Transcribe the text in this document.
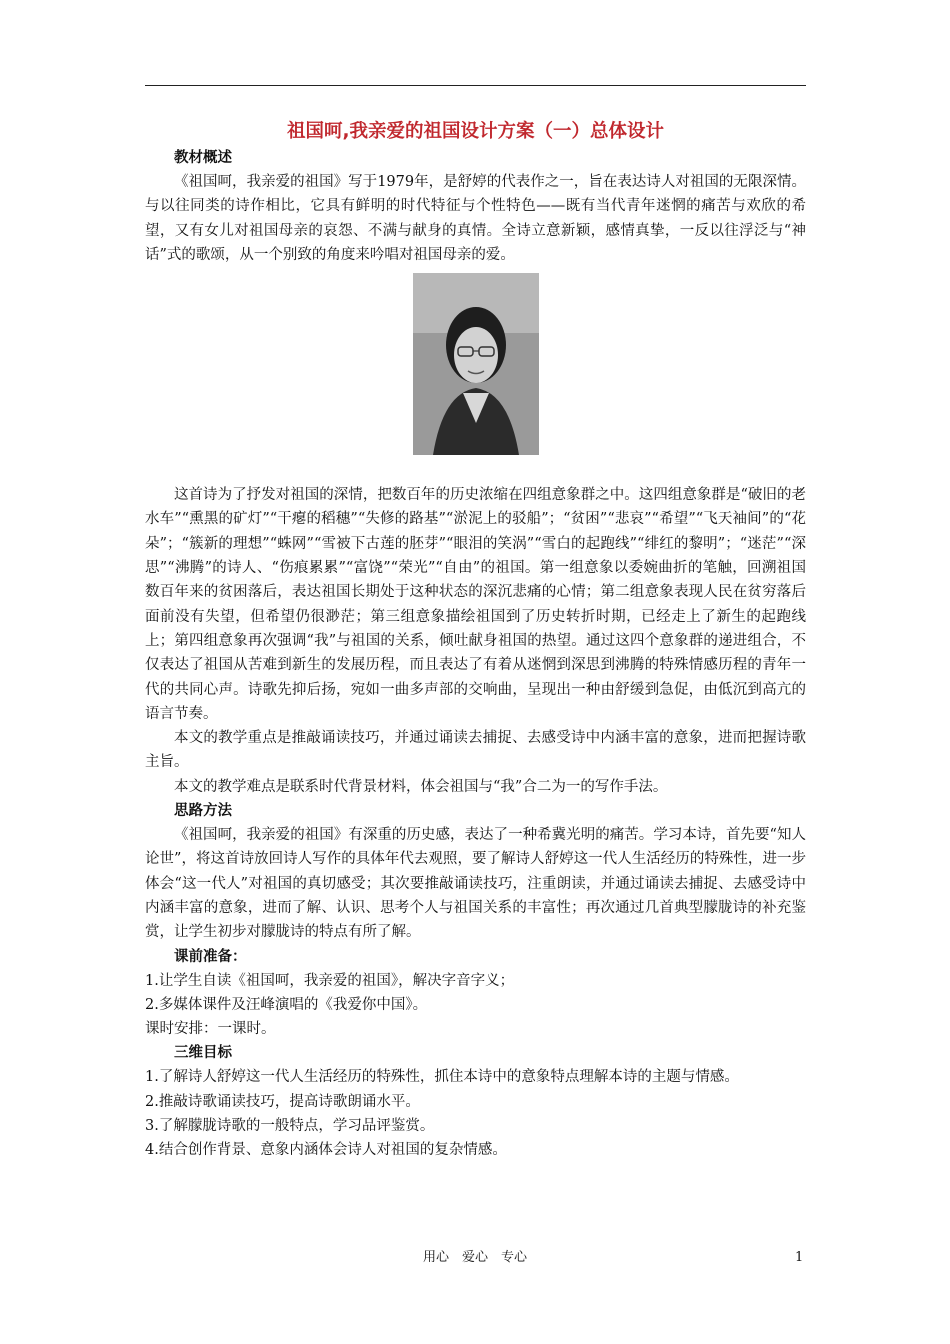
祖国呵,我亲爱的祖国设计方案（一）总体设计

教材概述

《祖国呵，我亲爱的祖国》写于1979年，是舒婷的代表作之一，旨在表达诗人对祖国的无限深情。与以往同类的诗作相比，它具有鲜明的时代特征与个性特色——既有当代青年迷惘的痛苦与欢欣的希望，又有女儿对祖国母亲的哀怨、不满与献身的真情。全诗立意新颖，感情真挚，一反以往浮泛与“神话”式的歌颂，从一个别致的角度来吟唱对祖国母亲的爱。

这首诗为了抒发对祖国的深情，把数百年的历史浓缩在四组意象群之中。这四组意象群是“破旧的老水车”“熏黑的矿灯”“干瘪的稻穗”“失修的路基”“淤泥上的驳船”；“贫困”“悲哀”“希望”“飞天袖间”的“花朵”；“簇新的理想”“蛛网”“雪被下古莲的胚芽”“眼泪的笑涡”“雪白的起跑线”“绯红的黎明”；“迷茫”“深思”“沸腾”的诗人、“伤痕累累”“富饶”“荣光”“自由”的祖国。第一组意象以委婉曲折的笔触，回溯祖国数百年来的贫困落后，表达祖国长期处于这种状态的深沉悲痛的心情；第二组意象表现人民在贫穷落后面前没有失望，但希望仍很渺茫；第三组意象描绘祖国到了历史转折时期，已经走上了新生的起跑线上；第四组意象再次强调“我”与祖国的关系，倾吐献身祖国的热望。通过这四个意象群的递进组合，不仅表达了祖国从苦难到新生的发展历程，而且表达了有着从迷惘到深思到沸腾的特殊情感历程的青年一代的共同心声。诗歌先抑后扬，宛如一曲多声部的交响曲，呈现出一种由舒缓到急促，由低沉到高亢的语言节奏。

本文的教学重点是推敲诵读技巧，并通过诵读去捕捉、去感受诗中内涵丰富的意象，进而把握诗歌主旨。

本文的教学难点是联系时代背景材料，体会祖国与“我”合二为一的写作手法。

思路方法

《祖国呵，我亲爱的祖国》有深重的历史感，表达了一种希冀光明的痛苦。学习本诗，首先要“知人论世”，将这首诗放回诗人写作的具体年代去观照，要了解诗人舒婷这一代人生活经历的特殊性，进一步体会“这一代人”对祖国的真切感受；其次要推敲诵读技巧，注重朗读，并通过诵读去捕捉、去感受诗中内涵丰富的意象，进而了解、认识、思考个人与祖国关系的丰富性；再次通过几首典型朦胧诗的补充鉴赏，让学生初步对朦胧诗的特点有所了解。

课前准备：

1.让学生自读《祖国呵，我亲爱的祖国》，解决字音字义；

2.多媒体课件及汪峰演唱的《我爱你中国》。

课时安排：一课时。

三维目标

1.了解诗人舒婷这一代人生活经历的特殊性，抓住本诗中的意象特点理解本诗的主题与情感。

2.推敲诗歌诵读技巧，提高诗歌朗诵水平。

3.了解朦胧诗歌的一般特点，学习品评鉴赏。

4.结合创作背景、意象内涵体会诗人对祖国的复杂情感。

用心　爱心　专心	1
